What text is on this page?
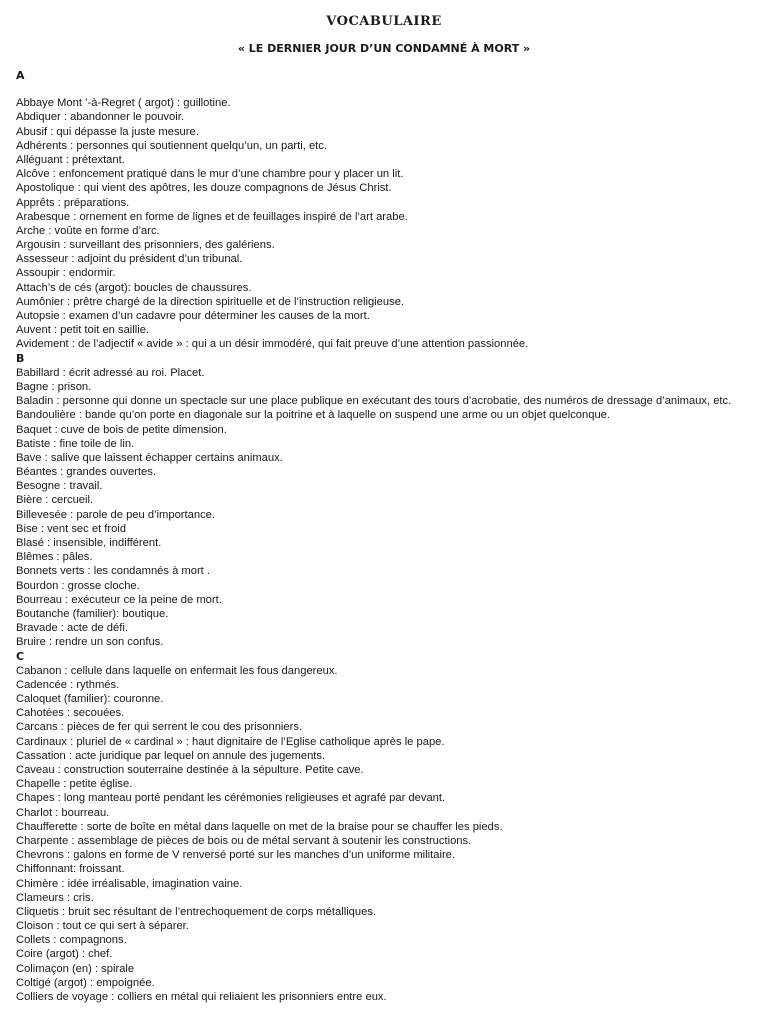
VOCABULAIRE
« LE DERNIER JOUR D’UN CONDAMNÉ À MORT »
A
Abbaye Mont ’-à-Regret ( argot) : guillotine.
Abdiquer : abandonner le pouvoir.
Abusif : qui dépasse la juste mesure.
Adhérents : personnes qui soutiennent quelqu’un, un parti, etc.
Alléguant : prétextant.
Alcôve : enfoncement pratiqué dans le mur d’une chambre pour y placer un lit.
Apostolique : qui vient des apôtres, les douze compagnons de Jésus Christ.
Apprêts : préparations.
Arabesque : ornement en forme de lignes et de feuillages inspiré de l’art arabe.
Arche : voûte en forme d’arc.
Argousin : surveillant des prisonniers, des galériens.
Assesseur : adjoint du président d’un tribunal.
Assoupir : endormir.
Attach’s de cés (argot): boucles de chaussures.
Aumônier : prêtre chargé de la direction spirituelle et de l’instruction religieuse.
Autopsie : examen d’un cadavre pour déterminer les causes de la mort.
Auvent : petit toit en saillie.
Avidement : de l’adjectif « avide » : qui a un désir immodéré, qui fait preuve d’une attention passionnée.
B
Babillard : écrit adressé au roi. Placet.
Bagne : prison.
Baladin : personne qui donne un spectacle sur une place publique en exécutant des tours d’acrobatie, des numéros de dressage d’animaux, etc.
Bandoulière : bande qu’on porte en diagonale sur la poitrine et à laquelle on suspend une arme ou un objet quelconque.
Baquet : cuve de bois de petite dimension.
Batiste : fine toile de lin.
Bave : salive que laissent échapper certains animaux.
Béantes : grandes ouvertes.
Besogne : travail.
Bière : cercueil.
Billevesée : parole de peu d’importance.
Bise : vent sec et froid
Blasé : insensible, indifférent.
Blêmes : pâles.
Bonnets verts : les condamnés à mort .
Bourdon : grosse cloche.
Bourreau : exécuteur ce la peine de mort.
Boutanche (familier): boutique.
Bravade : acte de défi.
Bruire : rendre un son confus.
C
Cabanon : cellule dans laquelle on enfermait les fous dangereux.
Cadencée : rythmés.
Caloquet (familier): couronne.
Cahotées : secouées.
Carcans : pièces de fer qui serrent le cou des prisonniers.
Cardinaux : pluriel de « cardinal » : haut dignitaire de l’Eglise catholique après le pape.
Cassation : acte juridique par lequel on annule des jugements.
Caveau : construction souterraine destinée à la sépulture. Petite cave.
Chapelle : petite église.
Chapes : long manteau porté pendant les cérémonies religieuses et agrafé par devant.
Charlot : bourreau.
Chaufferette : sorte de boîte en métal dans laquelle on met de la braise pour se chauffer les pieds.
Charpente : assemblage de pièces de bois ou de métal servant à soutenir les constructions.
Chevrons : galons en forme de V renversé porté sur les manches d’un uniforme militaire.
Chiffonnant: froissant.
Chimère : idée irréalisable, imagination vaine.
Clameurs : cris.
Cliquetis : bruit sec résultant de l’entrechoquement de corps métalliques.
Cloison : tout ce qui sert à séparer.
Collets : compagnons.
Coire (argot) : chef.
Colimaçon (en) : spirale
Coltigé (argot) : empoignée.
Colliers de voyage : colliers en métal qui reliaient les prisonniers entre eux.
